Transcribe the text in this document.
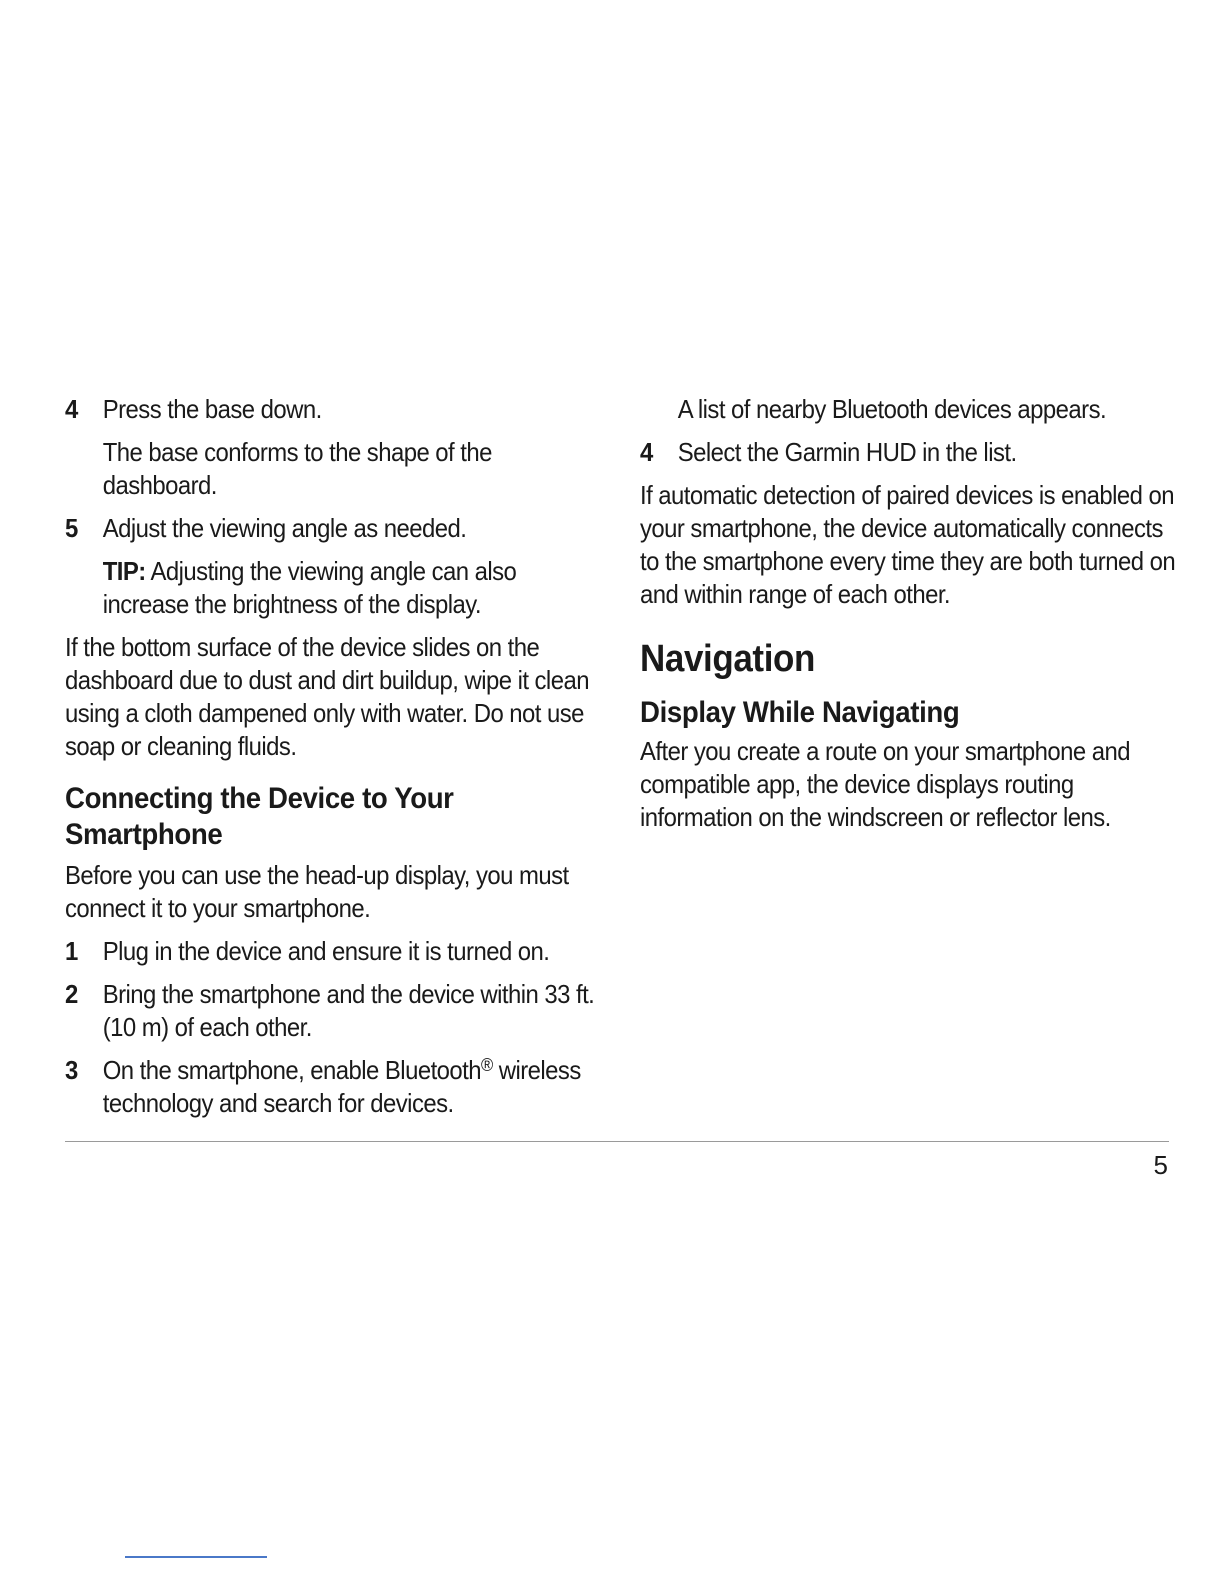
4 Press the base down.
The base conforms to the shape of the dashboard.
5 Adjust the viewing angle as needed.
TIP: Adjusting the viewing angle can also increase the brightness of the display.
If the bottom surface of the device slides on the dashboard due to dust and dirt buildup, wipe it clean using a cloth dampened only with water. Do not use soap or cleaning fluids.
Connecting the Device to Your Smartphone
Before you can use the head-up display, you must connect it to your smartphone.
1 Plug in the device and ensure it is turned on.
2 Bring the smartphone and the device within 33 ft. (10 m) of each other.
3 On the smartphone, enable Bluetooth® wireless technology and search for devices.
A list of nearby Bluetooth devices appears.
4 Select the Garmin HUD in the list.
If automatic detection of paired devices is enabled on your smartphone, the device automatically connects to the smartphone every time they are both turned on and within range of each other.
Navigation
Display While Navigating
After you create a route on your smartphone and compatible app, the device displays routing information on the windscreen or reflector lens.
5
